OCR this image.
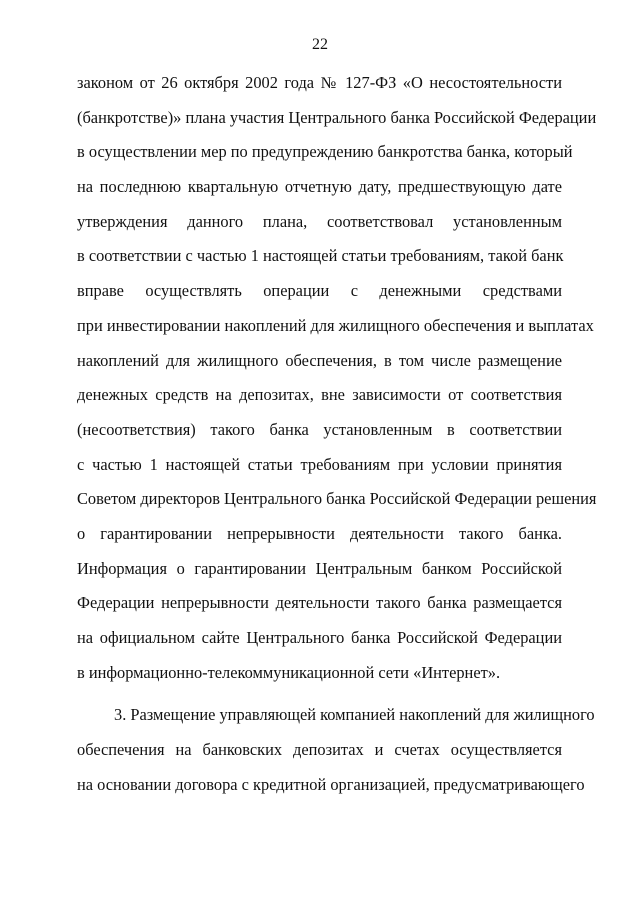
22
законом от 26 октября 2002 года № 127-ФЗ «О несостоятельности
(банкротстве)» плана участия Центрального банка Российской Федерации
в осуществлении мер по предупреждению банкротства банка, который
на последнюю квартальную отчетную дату, предшествующую дате
утверждения данного плана, соответствовал установленным
в соответствии с частью 1 настоящей статьи требованиям, такой банк
вправе осуществлять операции с денежными средствами
при инвестировании накоплений для жилищного обеспечения и выплатах
накоплений для жилищного обеспечения, в том числе размещение
денежных средств на депозитах, вне зависимости от соответствия
(несоответствия) такого банка установленным в соответствии
с частью 1 настоящей статьи требованиям при условии принятия
Советом директоров Центрального банка Российской Федерации решения
о гарантировании непрерывности деятельности такого банка.
Информация о гарантировании Центральным банком Российской
Федерации непрерывности деятельности такого банка размещается
на официальном сайте Центрального банка Российской Федерации
в информационно-телекоммуникационной сети «Интернет».
3. Размещение управляющей компанией накоплений для жилищного
обеспечения на банковских депозитах и счетах осуществляется
на основании договора с кредитной организацией, предусматривающего
